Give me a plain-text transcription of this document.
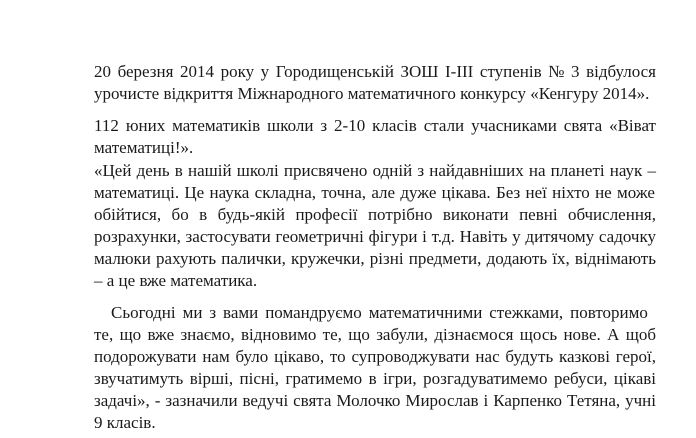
20 березня 2014 року у Городищенській ЗОШ І-ІІІ ступенів № 3 відбулося
урочисте відкриття Міжнародного математичного конкурсу «Кенгуру 2014».

112 юних математиків школи з 2-10 класів стали учасниками свята «Віват
математиці!».

«Цей день в нашій школі присвячено одній з найдавніших на планеті наук –
математиці. Це наука складна, точна, але дуже цікава. Без неї ніхто не може
обійтися, бо в будь-якій професії потрібно виконати певні обчислення,
розрахунки, застосувати геометричні фігури і т.д. Навіть у дитячому садочку
малюки рахують палички, кружечки, різні предмети, додають їх, віднімають
– а це вже математика.

Сьогодні ми з вами помандруємо математичними стежками, повторимо
те, що вже знаємо, відновимо те, що забули, дізнаємося щось нове. А щоб
подорожувати нам було цікаво, то супроводжувати нас будуть казкові герої,
звучатимуть вірші, пісні, гратимемо в ігри, розгадуватимемо ребуси, цікаві
задачі», - зазначили ведучі свята Молочко Мирослав і Карпенко Тетяна, учні
9 класів.
